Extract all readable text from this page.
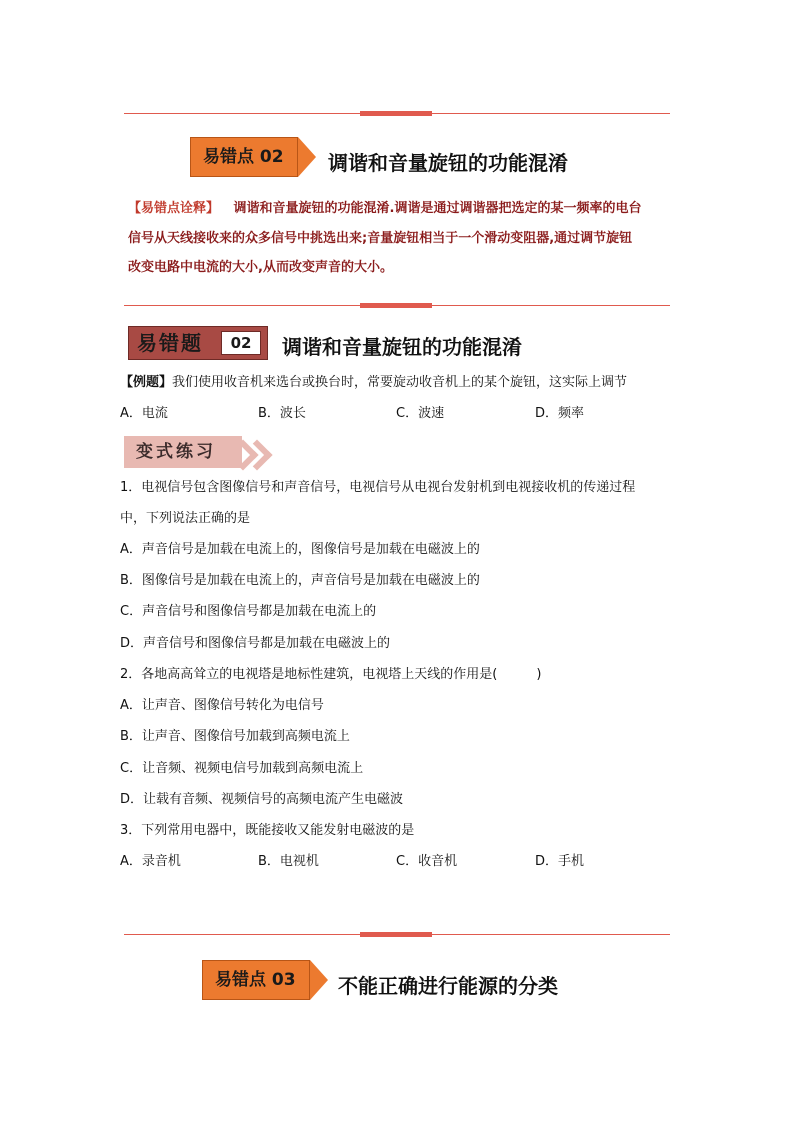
易错点 02 调谐和音量旋钮的功能混淆
【易错点诠释】 调谐和音量旋钮的功能混淆.调谐是通过调谐器把选定的某一频率的电台
信号从天线接收来的众多信号中挑选出来;音量旋钮相当于一个滑动变阻器,通过调节旋钮
改变电路中电流的大小,从而改变声音的大小。
易错题	02	调谐和音量旋钮的功能混淆
【例题】我们使用收音机来选台或换台时，常要旋动收音机上的某个旋钮，这实际上调节
A．电流	B．波长	C．波速	D．频率
变式练习
1．电视信号包含图像信号和声音信号，电视信号从电视台发射机到电视接收机的传递过程
中，下列说法正确的是
A．声音信号是加载在电流上的，图像信号是加载在电磁波上的
B．图像信号是加载在电流上的，声音信号是加载在电磁波上的
C．声音信号和图像信号都是加载在电流上的
D．声音信号和图像信号都是加载在电磁波上的
2．各地高高耸立的电视塔是地标性建筑，电视塔上天线的作用是(　　　)
A．让声音、图像信号转化为电信号
B．让声音、图像信号加载到高频电流上
C．让音频、视频电信号加载到高频电流上
D．让载有音频、视频信号的高频电流产生电磁波
3．下列常用电器中，既能接收又能发射电磁波的是
A．录音机	B．电视机	C．收音机	D．手机
易错点 03 不能正确进行能源的分类
